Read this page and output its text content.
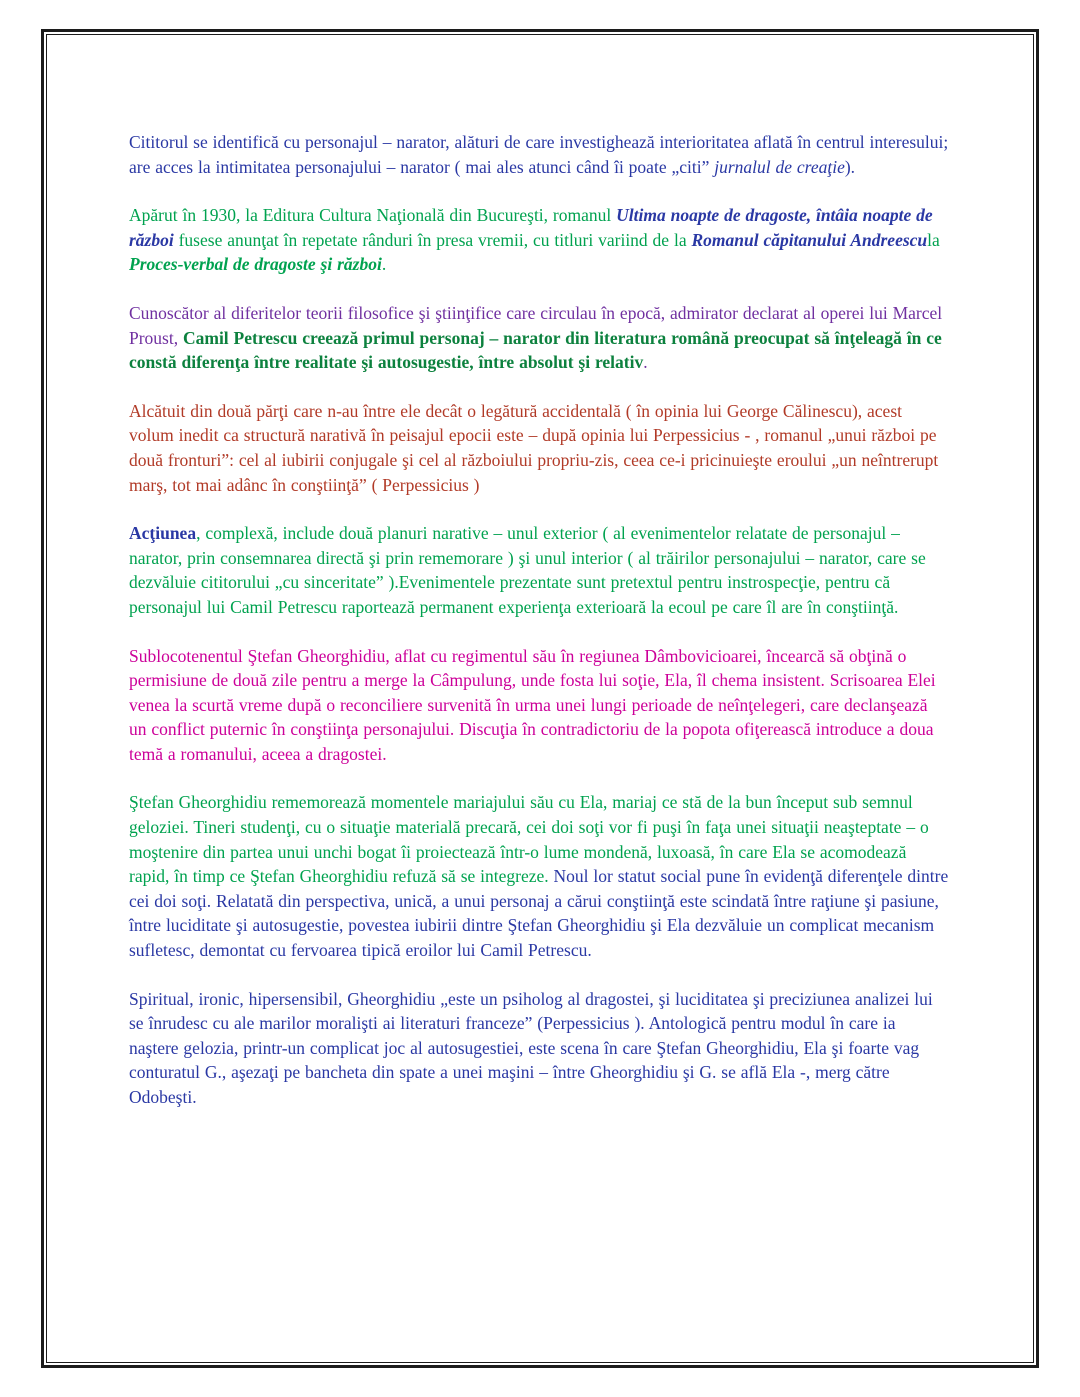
Cititorul se identifică cu personajul – narator, alături de care investighează interioritatea aflată în centrul interesului; are acces la intimitatea personajului – narator ( mai ales atunci când îi poate „citi” jurnalul de creaţie).

Apărut în 1930, la Editura Cultura Naţională din Bucureşti, romanul Ultima noapte de dragoste, întâia noapte de război fusese anunţat în repetate rânduri în presa vremii, cu titluri variind de la Romanul căpitanului Andreescula Proces-verbal de dragoste şi război.

Cunoscător al diferitelor teorii filosofice şi ştiinţifice care circulau în epocă, admirator declarat al operei lui Marcel Proust, Camil Petrescu creează primul personaj – narator din literatura română preocupat să înţeleagă în ce constă diferenţa între realitate şi autosugestie, între absolut şi relativ.

Alcătuit din două părţi care n-au între ele decât o legătură accidentală ( în opinia lui George Călinescu), acest volum inedit ca structură narativă în peisajul epocii este – după opinia lui Perpessicius - , romanul „unui război pe două fronturi”: cel al iubirii conjugale şi cel al războiului propriu-zis, ceea ce-i pricinuieşte eroului „un neîntrerupt marş, tot mai adânc în conştiinţă” ( Perpessicius )

Acţiunea, complexă, include două planuri narative – unul exterior ( al evenimentelor relatate de personajul – narator, prin consemnarea directă şi prin rememorare ) şi unul interior ( al trăirilor personajului – narator, care se dezvăluie cititorului „cu sinceritate” ).Evenimentele prezentate sunt pretextul pentru instrospecţie, pentru că personajul lui Camil Petrescu raportează permanent experienţa exterioară la ecoul pe care îl are în conştiinţă.

Sublocotenentul Ştefan Gheorghidiu, aflat cu regimentul său în regiunea Dâmbovicioarei, încearcă să obţină o permisiune de două zile pentru a merge la Câmpulung, unde fosta lui soţie, Ela, îl chema insistent. Scrisoarea Elei venea la scurtă vreme după o reconciliere survenită în urma unei lungi perioade de neînţelegeri, care declanşează un conflict puternic în conştiinţa personajului. Discuţia în contradictoriu de la popota ofiţerească introduce a doua temă a romanului, aceea a dragostei.

Ştefan Gheorghidiu rememorează momentele mariajului său cu Ela, mariaj ce stă de la bun început sub semnul geloziei. Tineri studenţi, cu o situaţie materială precară, cei doi soţi vor fi puşi în faţa unei situaţii neaşteptate – o moştenire din partea unui unchi bogat îi proiectează într-o lume mondenă, luxoasă, în care Ela se acomodează rapid, în timp ce Ştefan Gheorghidiu refuză să se integreze. Noul lor statut social pune în evidenţă diferenţele dintre cei doi soţi. Relatată din perspectiva, unică, a unui personaj a cărui conştiinţă este scindată între raţiune şi pasiune, între luciditate şi autosugestie, povestea iubirii dintre Ştefan Gheorghidiu şi Ela dezvăluie un complicat mecanism sufletesc, demontat cu fervoarea tipică eroilor lui Camil Petrescu.

Spiritual, ironic, hipersensibil, Gheorghidiu „este un psiholog al dragostei, şi luciditatea şi preciziunea analizei lui se înrudesc cu ale marilor moralişti ai literaturi franceze” (Perpessicius ). Antologică pentru modul în care ia naştere gelozia, printr-un complicat joc al autosugestiei, este scena în care Ştefan Gheorghidiu, Ela şi foarte vag conturatul G., aşezaţi pe bancheta din spate a unei maşini – între Gheorghidiu şi G. se află Ela -, merg către Odobeşti.
